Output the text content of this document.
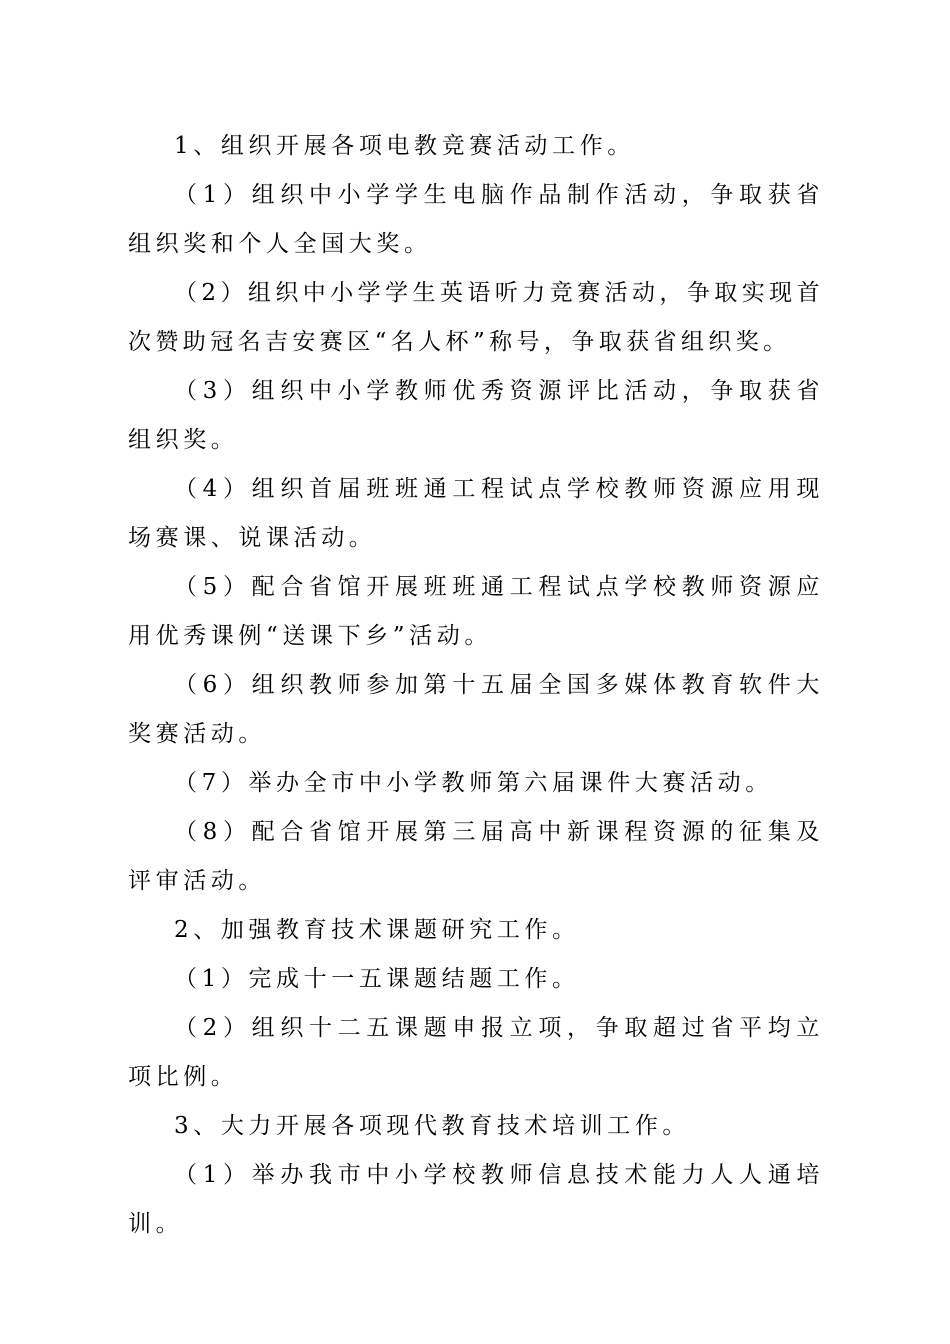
1、组织开展各项电教竞赛活动工作。

（1）组织中小学学生电脑作品制作活动，争取获省组织奖和个人全国大奖。

（2）组织中小学学生英语听力竞赛活动，争取实现首次赞助冠名吉安赛区“名人杯”称号，争取获省组织奖。

（3）组织中小学教师优秀资源评比活动，争取获省组织奖。

（4）组织首届班班通工程试点学校教师资源应用现场赛课、说课活动。

（5）配合省馆开展班班通工程试点学校教师资源应用优秀课例“送课下乡”活动。

（6）组织教师参加第十五届全国多媒体教育软件大奖赛活动。

（7）举办全市中小学教师第六届课件大赛活动。

（8）配合省馆开展第三届高中新课程资源的征集及评审活动。

2、加强教育技术课题研究工作。

（1）完成十一五课题结题工作。

（2）组织十二五课题申报立项，争取超过省平均立项比例。

3、大力开展各项现代教育技术培训工作。

（1）举办我市中小学校教师信息技术能力人人通培训。
